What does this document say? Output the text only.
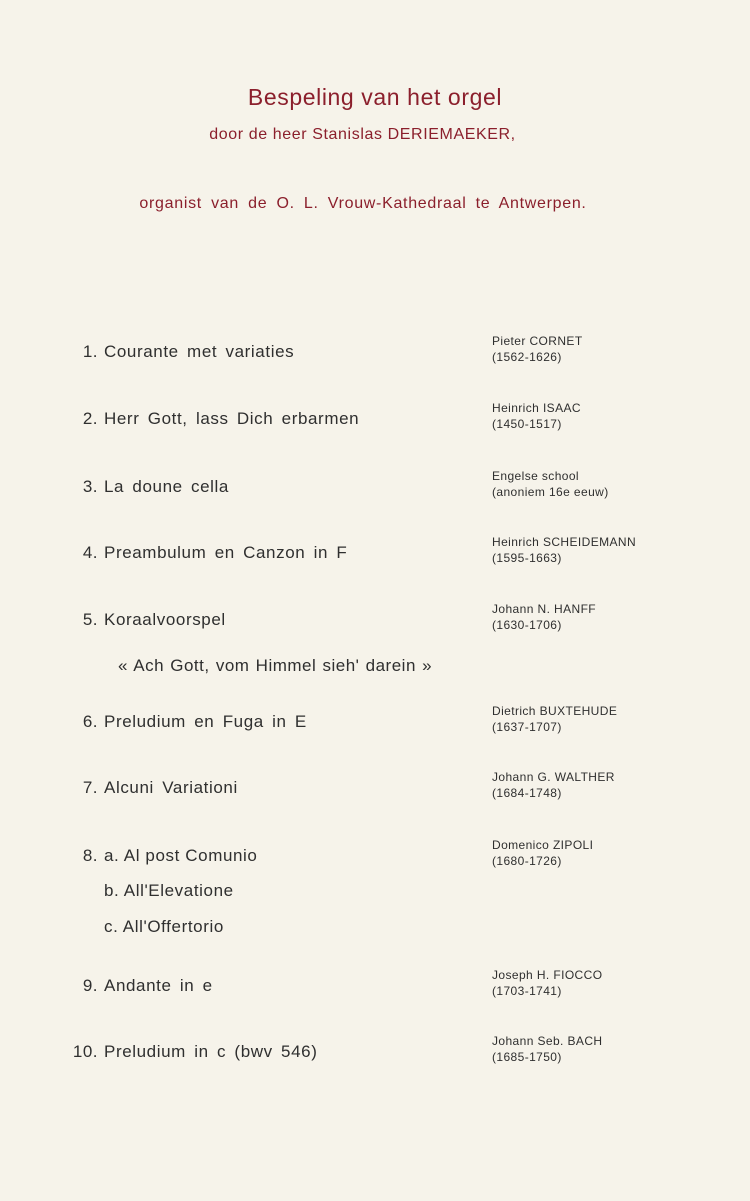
Bespeling van het orgel
door de heer Stanislas DERIEMAEKER,
organist van de O. L. Vrouw-Kathedraal te Antwerpen.
1. Courante met variaties
Pieter CORNET
(1562-1626)
2. Herr Gott, lass Dich erbarmen
Heinrich ISAAC
(1450-1517)
3. La doune cella
Engelse school
(anoniem 16e eeuw)
4. Preambulum en Canzon in F
Heinrich SCHEIDEMANN
(1595-1663)
5. Koraalvoorspel
« Ach Gott, vom Himmel sieh' darein »
Johann N. HANFF
(1630-1706)
6. Preludium en Fuga in E
Dietrich BUXTEHUDE
(1637-1707)
7. Alcuni Variationi
Johann G. WALTHER
(1684-1748)
8. a. Al post Comunio
b. All'Elevatione
c. All'Offertorio
Domenico ZIPOLI
(1680-1726)
9. Andante in e
Joseph H. FIOCCO
(1703-1741)
10. Preludium in c (bwv 546)
Johann Seb. BACH
(1685-1750)
